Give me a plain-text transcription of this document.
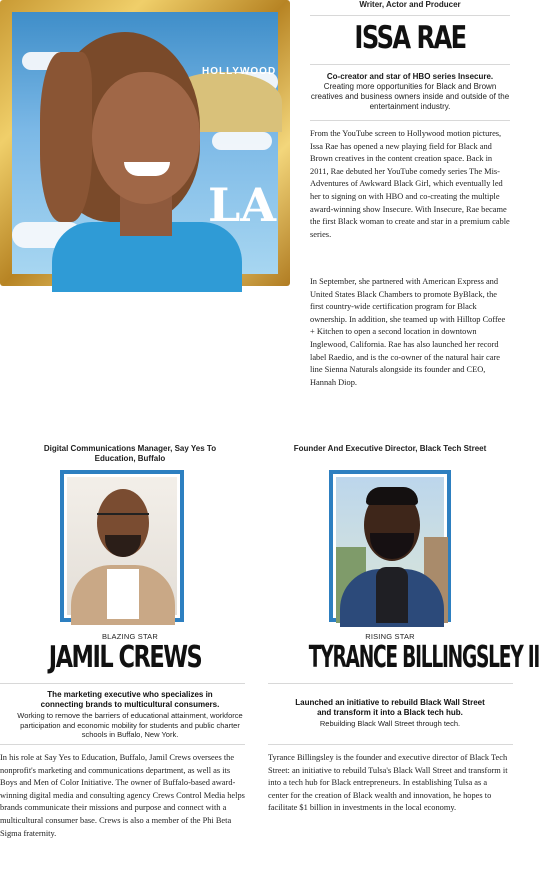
HOLLYWOOD
LA
Writer, Actor and Producer
ISSA RAE
Co-creator and star of HBO series Insecure.
Creating more opportunities for Black and Brown creatives and business owners inside and outside of the entertainment industry.
From the YouTube screen to Hollywood motion pictures, Issa Rae has opened a new playing field for Black and Brown creatives in the content creation space. Back in 2011, Rae debuted her YouTube comedy series The Mis-Adventures of Awkward Black Girl, which eventually led her to signing on with HBO and co-creating the multiple award-winning show Insecure. With Insecure, Rae became the first Black woman to create and star in a premium cable series.
In September, she partnered with American Express and United States Black Chambers to promote ByBlack, the first country-wide certification program for Black ownership. In addition, she teamed up with Hilltop Coffee + Kitchen to open a second location in downtown Inglewood, California. Rae has also launched her record label Raedio, and is the co-owner of the natural hair care line Sienna Naturals alongside its founder and CEO, Hannah Diop.
Digital Communications Manager, Say Yes To Education, Buffalo
BLAZING STAR
JAMIL CREWS
The marketing executive who specializes in connecting brands to multicultural consumers.
Working to remove the barriers of educational attainment, workforce participation and economic mobility for students and public charter schools in Buffalo, New York.
In his role at Say Yes to Education, Buffalo, Jamil Crews oversees the nonprofit's marketing and communications department, as well as its Boys and Men of Color Initiative. The owner of Buffalo-based award-winning digital media and consulting agency Crews Control Media helps brands communicate their missions and purpose and connect with a multicultural consumer base. Crews is also a member of the Phi Beta Sigma fraternity.
Founder And Executive Director, Black Tech Street
RISING STAR
TYRANCE BILLINGSLEY II
Launched an initiative to rebuild Black Wall Street and transform it into a Black tech hub.
Rebuilding Black Wall Street through tech.
Tyrance Billingsley is the founder and executive director of Black Tech Street: an initiative to rebuild Tulsa's Black Wall Street and transform it into a tech hub for Black entrepreneurs. In establishing Tulsa as a center for the creation of Black wealth and innovation, he hopes to facilitate $1 billion in investments in the local economy.
